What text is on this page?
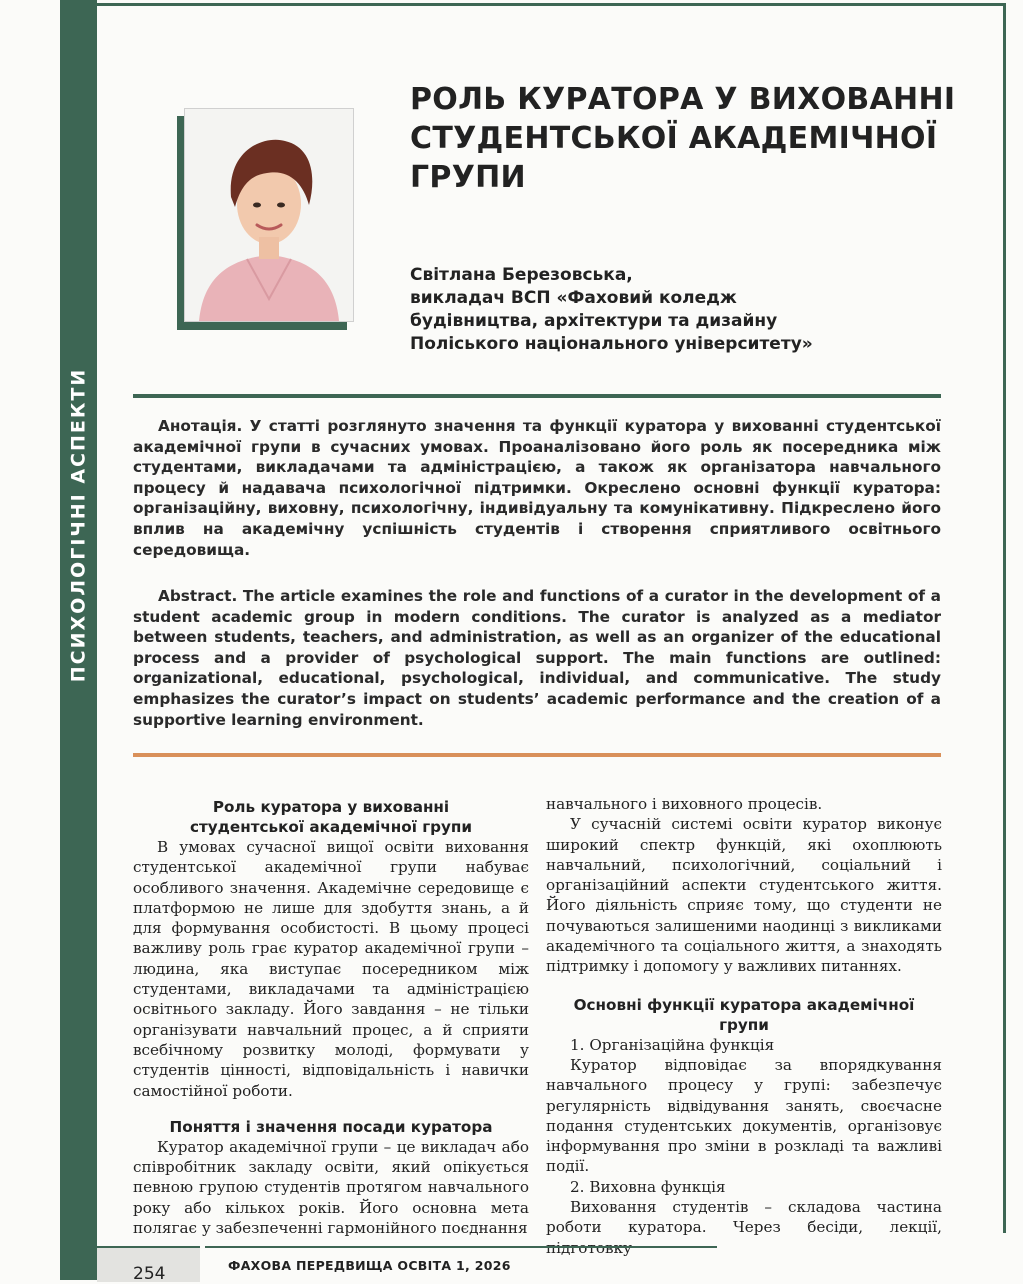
ПСИХОЛОГІЧНІ АСПЕКТИ
РОЛЬ КУРАТОРА У ВИХОВАННІ
СТУДЕНТСЬКОЇ АКАДЕМІЧНОЇ
ГРУПИ
Світлана Березовська,
викладач ВСП «Фаховий коледж
будівництва, архітектури та дизайну
Поліського національного університету»
Анотація. У статті розглянуто значення та функції куратора у вихованні студентської академічної групи в сучасних умовах. Проаналізовано його роль як посередника між студентами, викладачами та адміністрацією, а також як організатора навчального процесу й надавача психологічної підтримки. Окреслено основні функції куратора: організаційну, виховну, психологічну, індивідуальну та комунікативну. Підкреслено його вплив на академічну успішність студентів і створення сприятливого освітнього середовища.
Abstract. The article examines the role and functions of a curator in the development of a student academic group in modern conditions. The curator is analyzed as a mediator between students, teachers, and administration, as well as an organizer of the educational process and a provider of psychological support. The main functions are outlined: organizational, educational, psychological, individual, and communicative. The study emphasizes the curator’s impact on students’ academic performance and the creation of a supportive learning environment.
Роль куратора у вихованні студентської академічної групи

В умовах сучасної вищої освіти виховання студентської академічної групи набуває особливого значення. Академічне середовище є платформою не лише для здобуття знань, а й для формування особистості. В цьому процесі важливу роль грає куратор академічної групи – людина, яка виступає посередником між студентами, викладачами та адміністрацією освітнього закладу. Його завдання – не тільки організувати навчальний процес, а й сприяти всебічному розвитку молоді, формувати у студентів цінності, відповідальність і навички самостійної роботи.

Поняття і значення посади куратора

Куратор академічної групи – це викладач або співробітник закладу освіти, який опікується певною групою студентів протягом навчального року або кількох років. Його основна мета полягає у забезпеченні гармонійного поєднання

навчального і виховного процесів.

У сучасній системі освіти куратор виконує широкий спектр функцій, які охоплюють навчальний, психологічний, соціальний і організаційний аспекти студентського життя. Його діяльність сприяє тому, що студенти не почуваються залишеними наодинці з викликами академічного та соціального життя, а знаходять підтримку і допомогу у важливих питаннях.

Основні функції куратора академічної групи

1. Організаційна функція

Куратор відповідає за впорядкування навчального процесу у групі: забезпечує регулярність відвідування занять, своєчасне подання студентських документів, організовує інформування про зміни в розкладі та важливі події.

2. Виховна функція

Виховання студентів – складова частина роботи куратора. Через бесіди, лекції,

254	ФАХОВА ПЕРЕДВИЩА ОСВІТА 1, 2026
